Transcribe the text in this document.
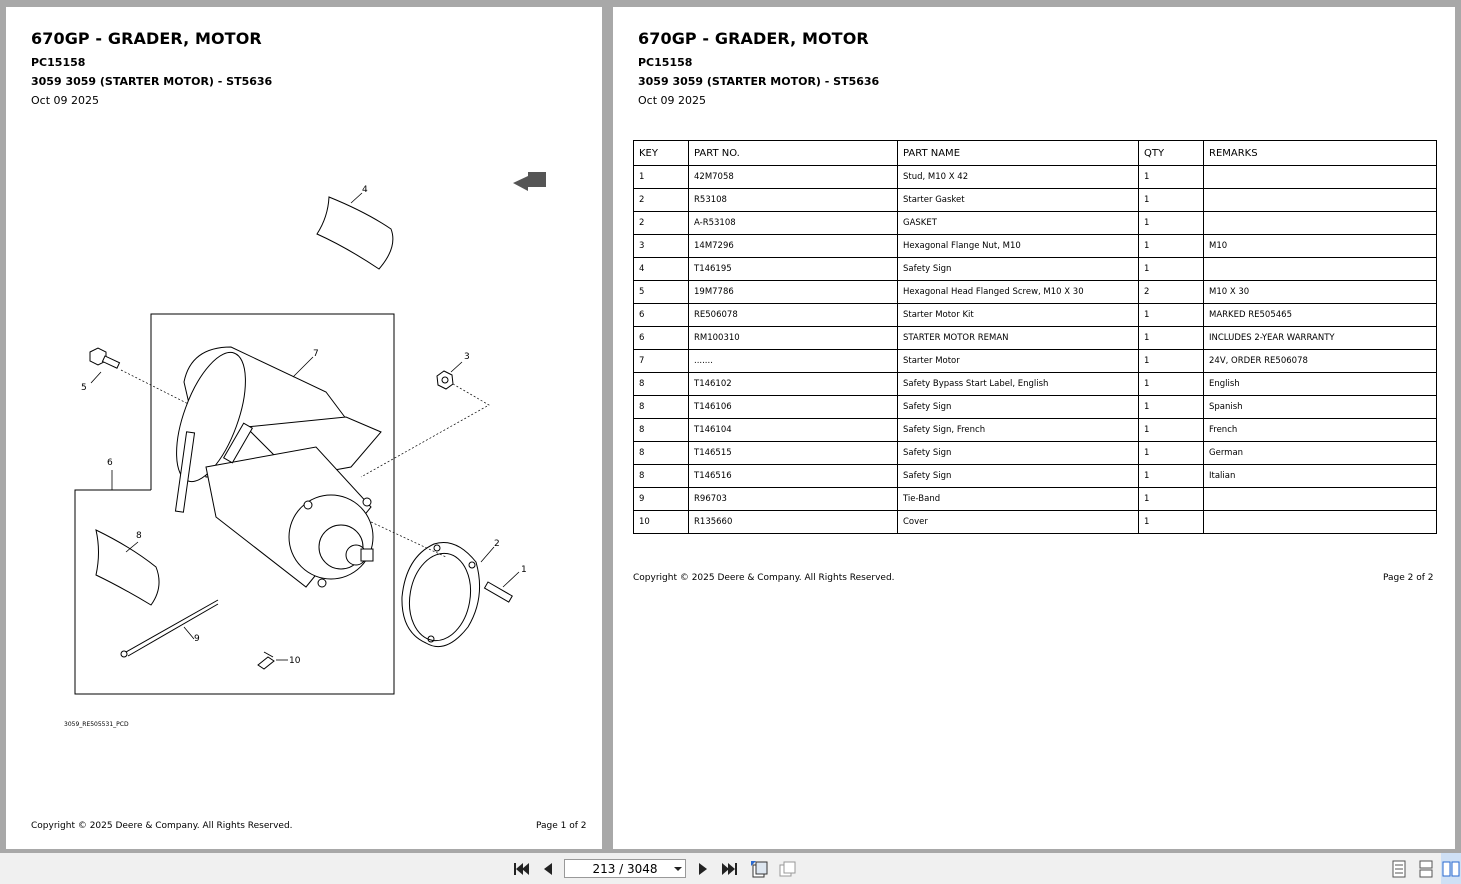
670GP - GRADER, MOTOR
PC15158
3059 3059 (STARTER MOTOR) - ST5636
Oct 09 2025
1
2
3
4
5
6
7
8
9
10
3059_RE505531_PCD
Copyright © 2025 Deere & Company. All Rights Reserved.	Page 1 of 2
670GP - GRADER, MOTOR
PC15158
3059 3059 (STARTER MOTOR) - ST5636
Oct 09 2025
KEY	PART NO.	PART NAME	QTY	REMARKS
1	42M7058	Stud, M10 X 42	1	
2	R53108	Starter Gasket	1	
2	A-R53108	GASKET	1	
3	14M7296	Hexagonal Flange Nut, M10	1	M10
4	T146195	Safety Sign	1	
5	19M7786	Hexagonal Head Flanged Screw, M10 X 30	2	M10 X 30
6	RE506078	Starter Motor Kit	1	MARKED RE505465
6	RM100310	STARTER MOTOR REMAN	1	INCLUDES 2-YEAR WARRANTY
7	.......	Starter Motor	1	24V, ORDER RE506078
8	T146102	Safety Bypass Start Label, English	1	English
8	T146106	Safety Sign	1	Spanish
8	T146104	Safety Sign, French	1	French
8	T146515	Safety Sign	1	German
8	T146516	Safety Sign	1	Italian
9	R96703	Tie-Band	1	
10	R135660	Cover	1	
Copyright © 2025 Deere & Company. All Rights Reserved.	Page 2 of 2
213 / 3048
